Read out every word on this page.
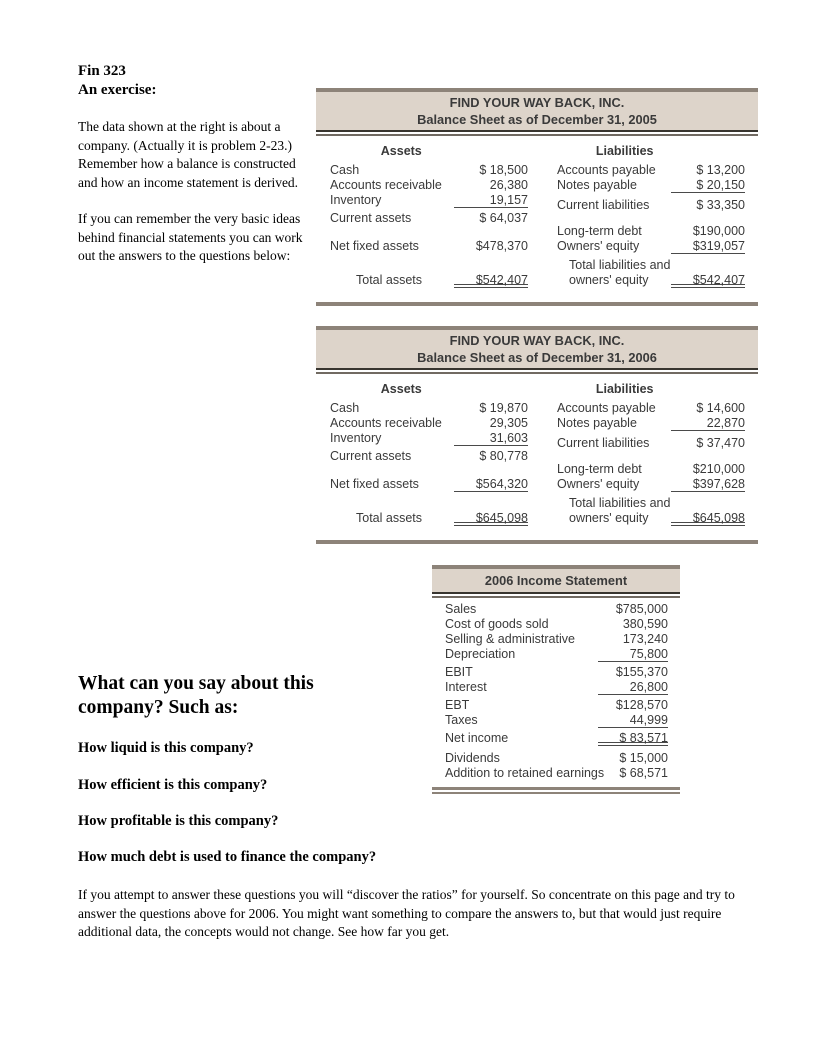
Fin 323
An exercise:

The data shown at the right is about a company. (Actually it is problem 2-23.) Remember how a balance is constructed and how an income statement is derived.

If you can remember the very basic ideas behind financial statements you can work out the answers to the questions below:

FIND YOUR WAY BACK, INC.
Balance Sheet as of December 31, 2005
Assets
Cash	$ 18,500
Accounts receivable	26,380
Inventory	19,157
Current assets	$ 64,037
Net fixed assets	$478,370
Total assets	$542,407
Liabilities
Accounts payable	$ 13,200
Notes payable	$ 20,150
Current liabilities	$ 33,350
Long-term debt	$190,000
Owners' equity	$319,057
Total liabilities and
owners' equity	$542,407
FIND YOUR WAY BACK, INC.
Balance Sheet as of December 31, 2006
Assets
Cash	$ 19,870
Accounts receivable	29,305
Inventory	31,603
Current assets	$ 80,778
Net fixed assets	$564,320
Total assets	$645,098
Liabilities
Accounts payable	$ 14,600
Notes payable	22,870
Current liabilities	$ 37,470
Long-term debt	$210,000
Owners' equity	$397,628
Total liabilities and
owners' equity	$645,098
2006 Income Statement
Sales	$785,000
Cost of goods sold	380,590
Selling & administrative	173,240
Depreciation	75,800
EBIT	$155,370
Interest	26,800
EBT	$128,570
Taxes	44,999
Net income	$ 83,571
Dividends	$ 15,000
Addition to retained earnings	$ 68,571
What can you say about this company? Such as:
How liquid is this company?
How efficient is this company?
How profitable is this company?
How much debt is used to finance the company?
If you attempt to answer these questions you will “discover the ratios” for yourself. So concentrate on this page and try to answer the questions above for 2006. You might want something to compare the answers to, but that would just require additional data, the concepts would not change. See how far you get.
